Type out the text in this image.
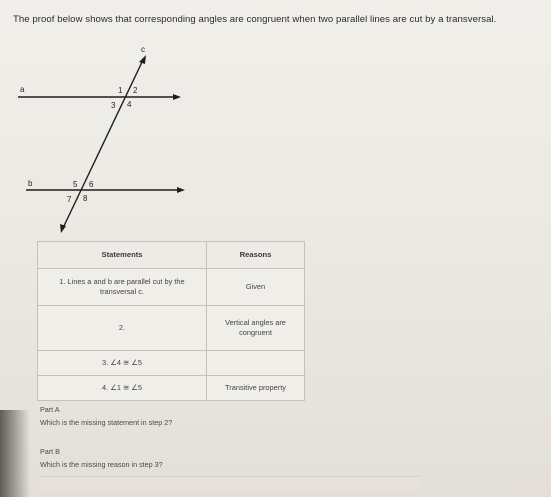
The proof below shows that corresponding angles are congruent when two parallel lines are cut by a transversal.
c
a
b
1 2
3 4
5 6
7 8
Statements	Reasons
1. Lines a and b are parallel cut by the transversal c.	Given
2.	Vertical angles are congruent
3. ∠4 ≅ ∠5	
4. ∠1 ≅ ∠5	Transitive property
Part A
Which is the missing statement in step 2?
Part B
Which is the missing reason in step 3?
